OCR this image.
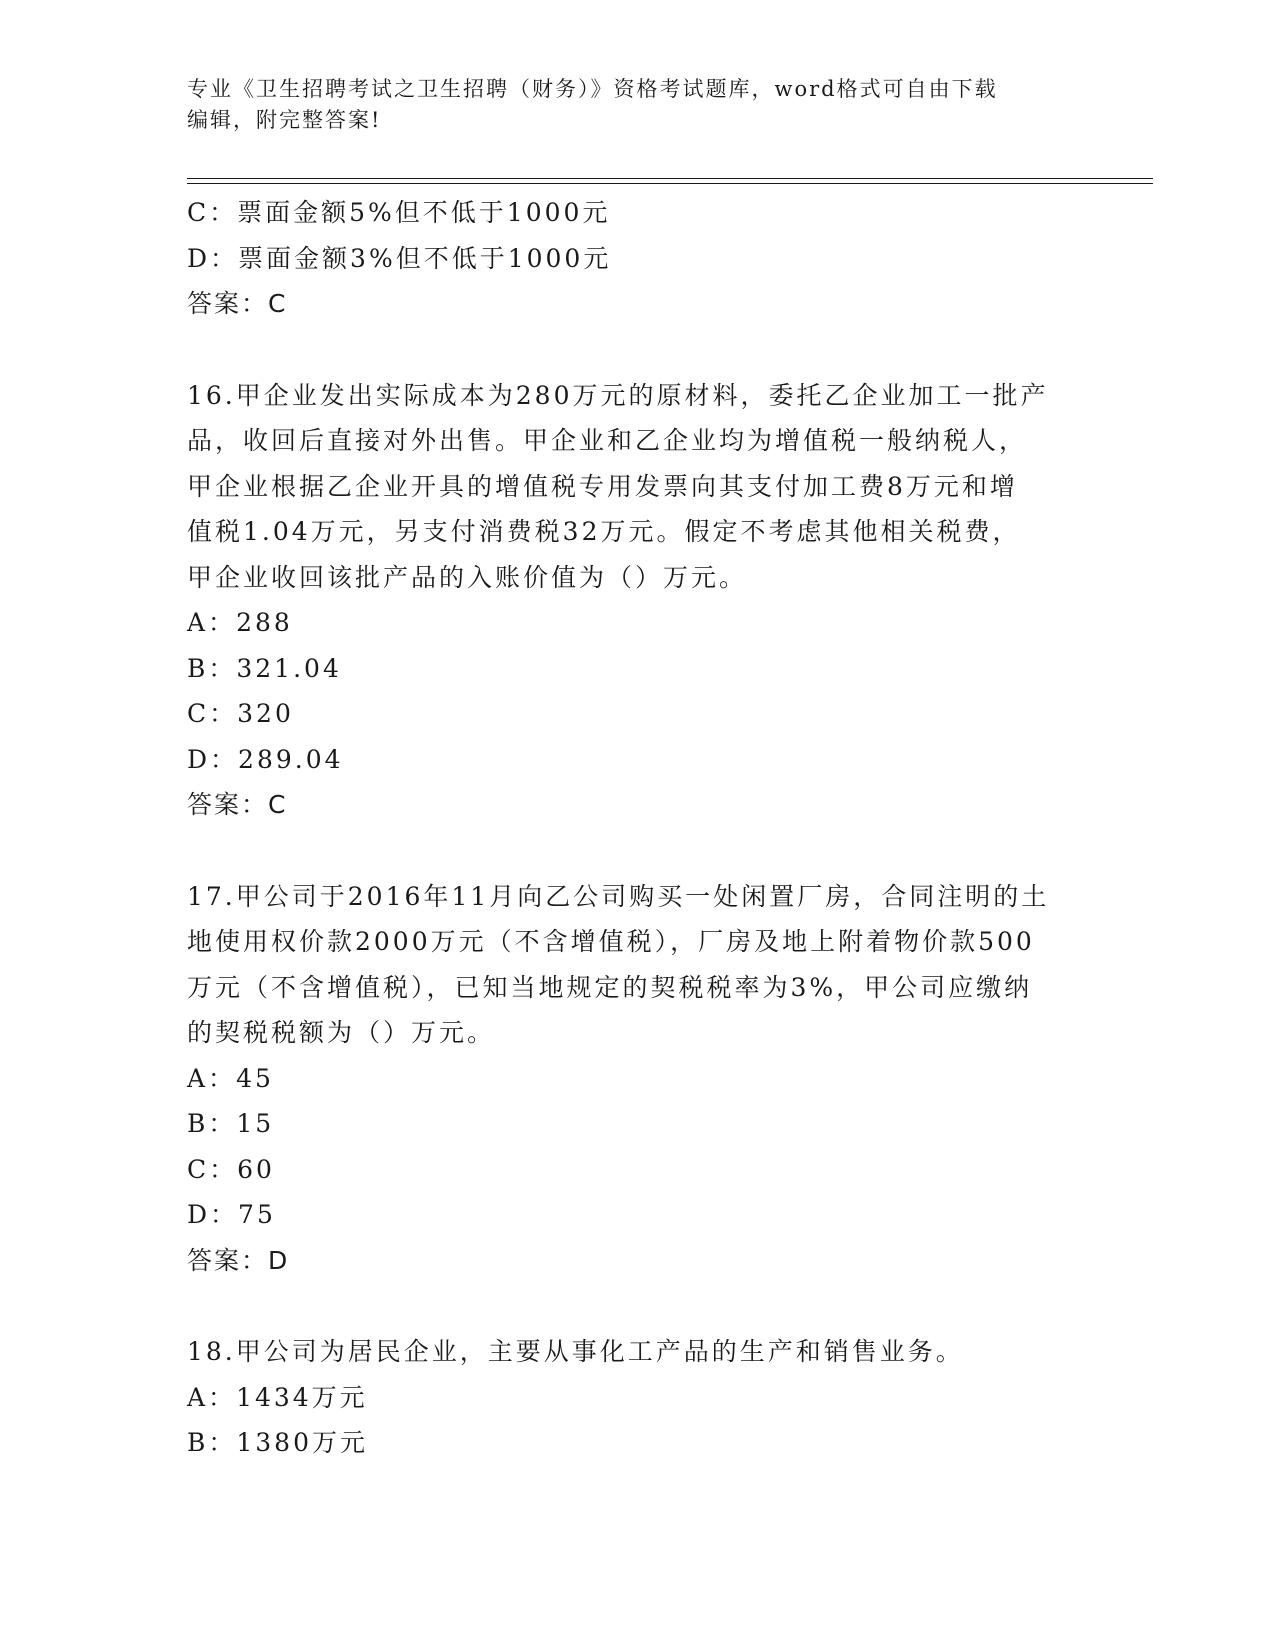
专业《卫生招聘考试之卫生招聘（财务）》资格考试题库，word格式可自由下载
编辑，附完整答案!
C：票面金额5%但不低于1000元
D：票面金额3%但不低于1000元
答案：C
16.甲企业发出实际成本为280万元的原材料，委托乙企业加工一批产
品，收回后直接对外出售。甲企业和乙企业均为增值税一般纳税人，
甲企业根据乙企业开具的增值税专用发票向其支付加工费8万元和增
值税1.04万元，另支付消费税32万元。假定不考虑其他相关税费，
甲企业收回该批产品的入账价值为（）万元。
A：288
B：321.04
C：320
D：289.04
答案：C
17.甲公司于2016年11月向乙公司购买一处闲置厂房，合同注明的土
地使用权价款2000万元（不含增值税），厂房及地上附着物价款500
万元（不含增值税），已知当地规定的契税税率为3%，甲公司应缴纳
的契税税额为（）万元。
A：45
B：15
C：60
D：75
答案：D
18.甲公司为居民企业，主要从事化工产品的生产和销售业务。
A：1434万元
B：1380万元
